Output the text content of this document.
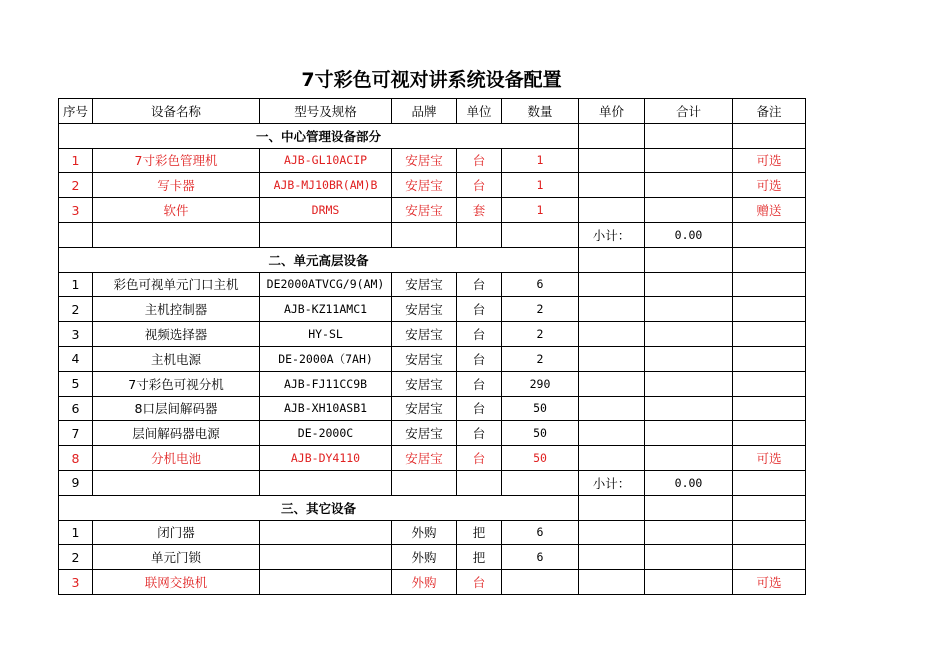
7寸彩色可视对讲系统设备配置
序号	设备名称	型号及规格	品牌	单位	数量	单价	合计	备注
一、中心管理设备部分								
1	7寸彩色管理机	AJB-GL10ACIP	安居宝	台	1			可选
2	写卡器	AJB-MJ10BR(AM)B	安居宝	台	1			可选
3	软件	DRMS	安居宝	套	1			赠送
						小计：	0.00	
二、单元高层设备								
1	彩色可视单元门口主机	DE2000ATVCG/9(AM)	安居宝	台	6			
2	主机控制器	AJB-KZ11AMC1	安居宝	台	2			
3	视频选择器	HY-SL	安居宝	台	2			
4	主机电源	DE-2000A（7AH)	安居宝	台	2			
5	7寸彩色可视分机	AJB-FJ11CC9B	安居宝	台	290			
6	8口层间解码器	AJB-XH10ASB1	安居宝	台	50			
7	层间解码器电源	DE-2000C	安居宝	台	50			
8	分机电池	AJB-DY4110	安居宝	台	50			可选
9						小计：	0.00	
三、其它设备								
1	闭门器		外购	把	6			
2	单元门锁		外购	把	6			
3	联网交换机		外购	台				可选
